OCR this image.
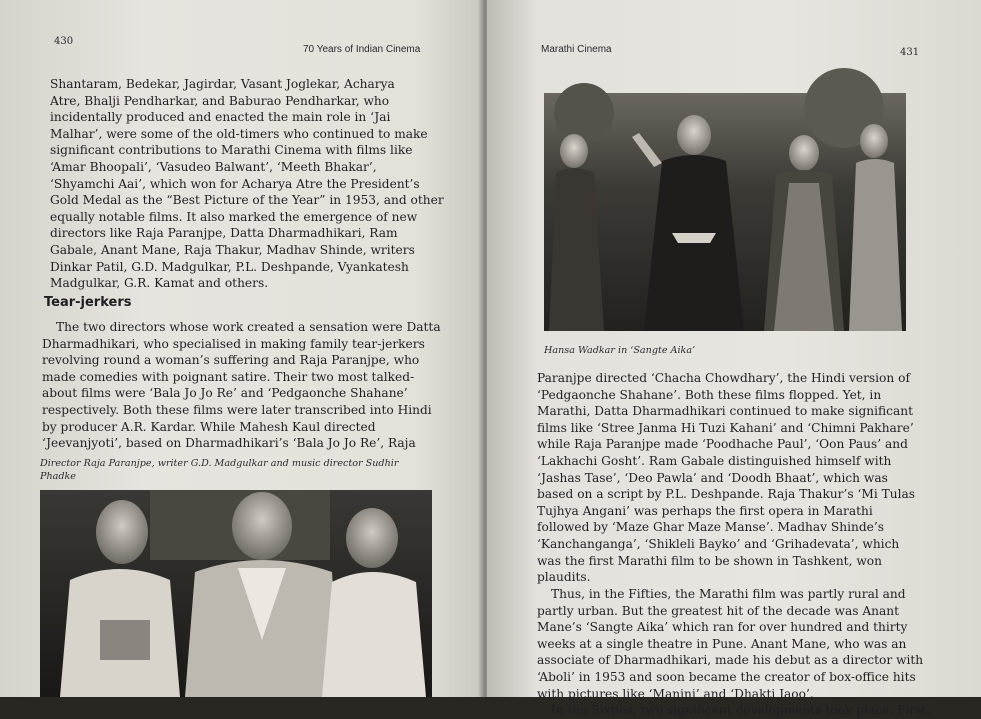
430
70 Years of Indian Cinema
Shantaram, Bedekar, Jagirdar, Vasant Joglekar, Acharya
Atre, Bhalji Pendharkar, and Baburao Pendharkar, who
incidentally produced and enacted the main role in ‘Jai
Malhar’, were some of the old-timers who continued to make
significant contributions to Marathi Cinema with films like
‘Amar Bhoopali’, ‘Vasudeo Balwant’, ‘Meeth Bhakar’,
‘Shyamchi Aai’, which won for Acharya Atre the President’s
Gold Medal as the “Best Picture of the Year” in 1953, and other
equally notable films. It also marked the emergence of new
directors like Raja Paranjpe, Datta Dharmadhikari, Ram
Gabale, Anant Mane, Raja Thakur, Madhav Shinde, writers
Dinkar Patil, G.D. Madgulkar, P.L. Deshpande, Vyankatesh
Madgulkar, G.R. Kamat and others.
Tear-jerkers
The two directors whose work created a sensation were Datta
Dharmadhikari, who specialised in making family tear-jerkers
revolving round a woman’s suffering and Raja Paranjpe, who
made comedies with poignant satire. Their two most talked-
about films were ‘Bala Jo Jo Re’ and ‘Pedgaonche Shahane’
respectively. Both these films were later transcribed into Hindi
by producer A.R. Kardar. While Mahesh Kaul directed
‘Jeevanjyoti’, based on Dharmadhikari’s ‘Bala Jo Jo Re’, Raja
Director Raja Paranjpe, writer G.D. Madgulkar and music director Sudhir
Phadke
Marathi Cinema	431
Hansa Wadkar in ‘Sangte Aika’
Paranjpe directed ‘Chacha Chowdhary’, the Hindi version of
‘Pedgaonche Shahane’. Both these films flopped. Yet, in
Marathi, Datta Dharmadhikari continued to make significant
films like ‘Stree Janma Hi Tuzi Kahani’ and ‘Chimni Pakhare’
while Raja Paranjpe made ‘Poodhache Paul’, ‘Oon Paus’ and
‘Lakhachi Gosht’. Ram Gabale distinguished himself with
‘Jashas Tase’, ‘Deo Pawla’ and ‘Doodh Bhaat’, which was
based on a script by P.L. Deshpande. Raja Thakur’s ‘Mi Tulas
Tujhya Angani’ was perhaps the first opera in Marathi
followed by ‘Maze Ghar Maze Manse’. Madhav Shinde’s
‘Kanchanganga’, ‘Shikleli Bayko’ and ‘Grihadevata’, which
was the first Marathi film to be shown in Tashkent, won
plaudits.
Thus, in the Fifties, the Marathi film was partly rural and
partly urban. But the greatest hit of the decade was Anant
Mane’s ‘Sangte Aika’ which ran for over hundred and thirty
weeks at a single theatre in Pune. Anant Mane, who was an
associate of Dharmadhikari, made his debut as a director with
‘Aboli’ in 1953 and soon became the creator of box-office hits
with pictures like ‘Manini’ and ‘Dhakti Jaoo’.
In the Sixties, two significant developments took place. First,
